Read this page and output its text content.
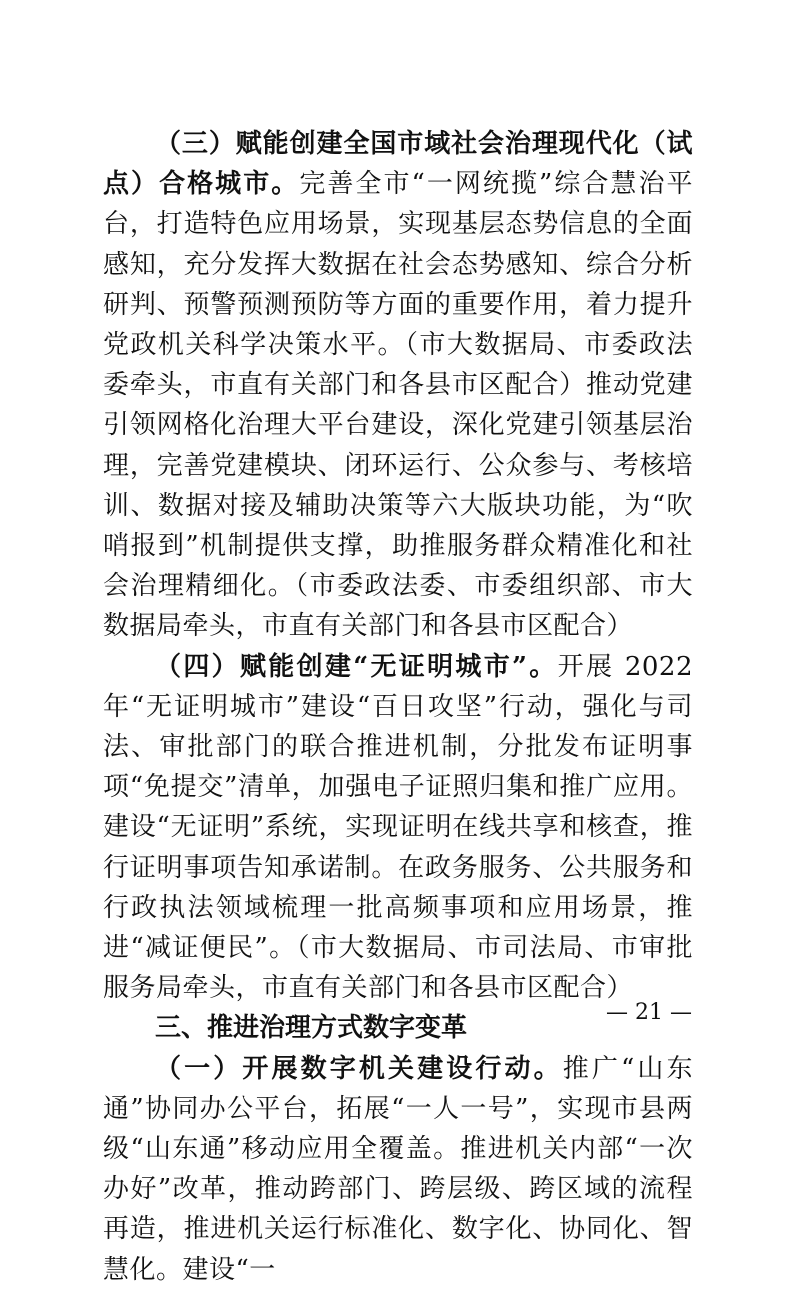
（三）赋能创建全国市域社会治理现代化（试点）合格城市。完善全市“一网统揽”综合慧治平台，打造特色应用场景，实现基层态势信息的全面感知，充分发挥大数据在社会态势感知、综合分析研判、预警预测预防等方面的重要作用，着力提升党政机关科学决策水平。（市大数据局、市委政法委牵头，市直有关部门和各县市区配合）推动党建引领网格化治理大平台建设，深化党建引领基层治理，完善党建模块、闭环运行、公众参与、考核培训、数据对接及辅助决策等六大版块功能，为“吹哨报到”机制提供支撑，助推服务群众精准化和社会治理精细化。（市委政法委、市委组织部、市大数据局牵头，市直有关部门和各县市区配合）

（四）赋能创建“无证明城市”。开展 2022 年“无证明城市”建设“百日攻坚”行动，强化与司法、审批部门的联合推进机制，分批发布证明事项“免提交”清单，加强电子证照归集和推广应用。建设“无证明”系统，实现证明在线共享和核查，推行证明事项告知承诺制。在政务服务、公共服务和行政执法领域梳理一批高频事项和应用场景，推进“减证便民”。（市大数据局、市司法局、市审批服务局牵头，市直有关部门和各县市区配合）

三、推进治理方式数字变革

（一）开展数字机关建设行动。推广“山东通”协同办公平台，拓展“一人一号”，实现市县两级“山东通”移动应用全覆盖。推进机关内部“一次办好”改革，推动跨部门、跨层级、跨区域的流程再造，推进机关运行标准化、数字化、协同化、智慧化。建设“一

— 21 —
